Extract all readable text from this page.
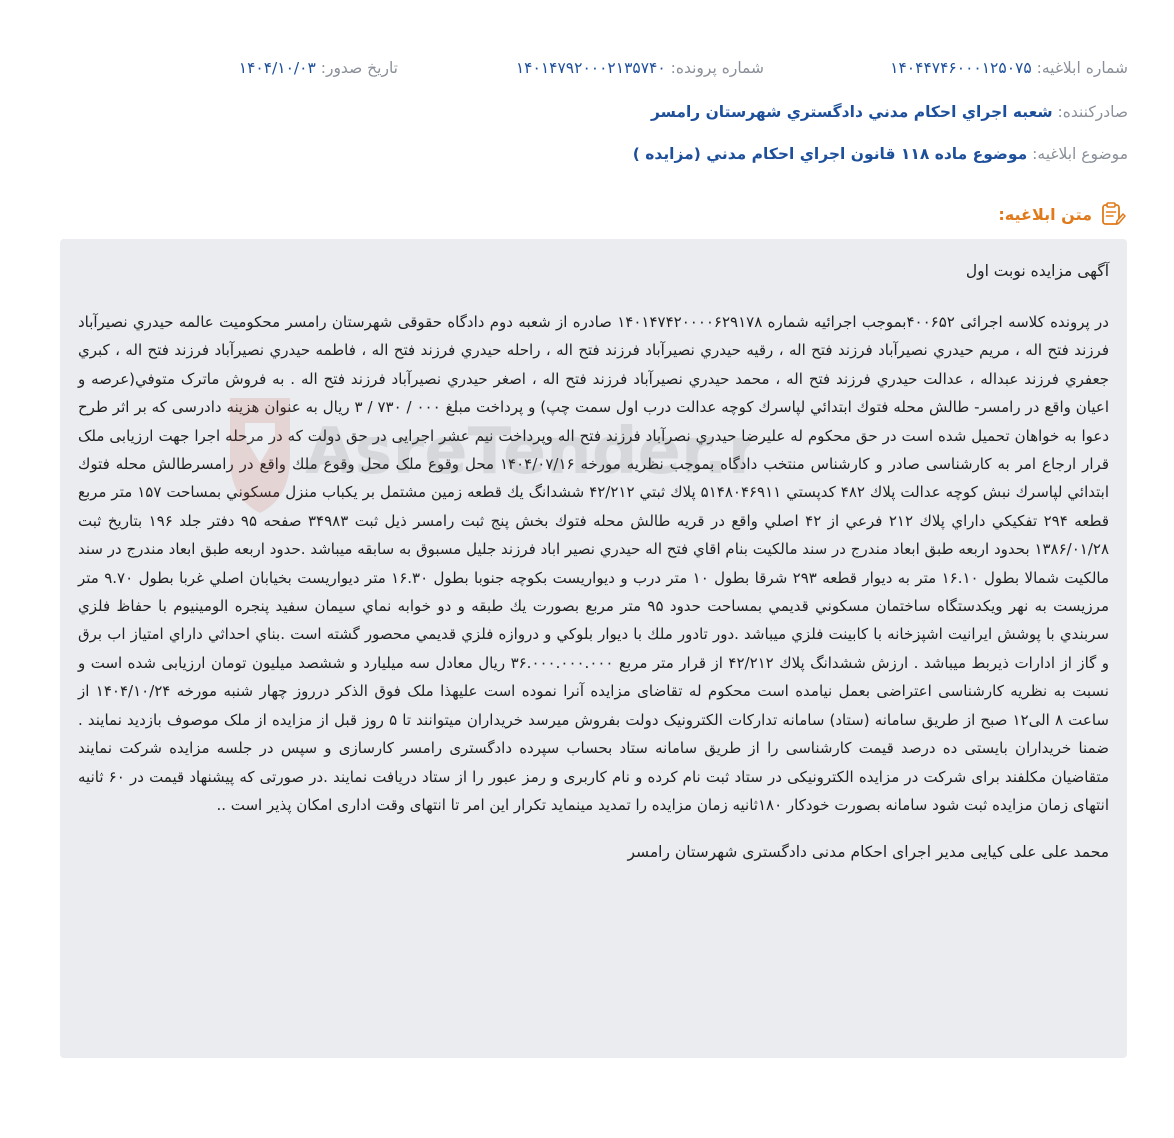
شماره ابلاغیه: ۱۴۰۴۴۷۴۶۰۰۰۱۲۵۰۷۵
شماره پرونده: ۱۴۰۱۴۷۹۲۰۰۰۲۱۳۵۷۴۰
تاریخ صدور: ۱۴۰۴/۱۰/۰۳
صادرکننده: شعبه اجراي احکام مدني دادگستري شهرستان رامسر
موضوع ابلاغیه: موضوع ماده ۱۱۸ قانون اجراي احکام مدني (مزايده )
متن ابلاغیه:

آگهی مزایده نوبت اول

در پرونده کلاسه اجرائی ۴۰۰۶۵۲بموجب اجرائیه شماره ۱۴۰۱۴۷۴۲۰۰۰۰۶۲۹۱۷۸ صادره از شعبه دوم دادگاه حقوقی شهرستان رامسر محکومیت عالمه حيدري نصيرآباد فرزند فتح اله ، مريم حيدري نصيرآباد فرزند فتح اله ، رقيه حيدري نصيرآباد فرزند فتح اله ، راحله حيدري فرزند فتح اله ، فاطمه حيدري نصيرآباد فرزند فتح اله ، کبري جعفري فرزند عبداله ، عدالت حيدري فرزند فتح اله ، محمد حيدري نصيرآباد فرزند فتح اله ، اصغر حيدري نصيرآباد فرزند فتح اله . به فروش ماترک متوفي(عرصه و اعيان واقع در رامسر- طالش محله فتوك ابتدائي لپاسرك كوچه عدالت درب اول سمت چپ) و پرداخت مبلغ ۰۰۰ / ۷۳۰ / ۳ ریال به عنوان هزینه دادرسی که بر اثر طرح دعوا به خواهان تحمیل شده است در حق محکوم له عليرضا حيدري نصرآباد فرزند فتح اله وپرداخت نیم عشر اجرایی در حق دولت که در مرحله اجرا جهت ارزیابی ملک قرار ارجاع امر به کارشناسی صادر و کارشناس منتخب دادگاه بموجب نظریه مورخه ۱۴۰۴/۰۷/۱۶ محل وقوع ملک محل وقوع ملك واقع در رامسرطالش محله فتوك ابتدائي لپاسرك نبش كوچه عدالت پلاك ۴۸۲ كدپستي ۵۱۴۸۰۴۶۹۱۱ پلاك ثبتي ۴۲/۲۱۲ ششدانگ يك قطعه زمين مشتمل بر يكباب منزل مسكوني بمساحت ۱۵۷ متر مربع قطعه ۲۹۴ تفكيكي داراي پلاك ۲۱۲ فرعي از ۴۲ اصلي واقع در قريه طالش محله فتوك بخش پنج ثبت رامسر ذيل ثبت ۳۴۹۸۳ صفحه ۹۵ دفتر جلد ۱۹۶ بتاريخ ثبت ۱۳۸۶/۰۱/۲۸ بحدود اربعه طبق ابعاد مندرج در سند مالكيت بنام اقاي فتح اله حيدري نصير اباد فرزند جليل مسبوق به سابقه ميباشد .حدود اربعه طبق ابعاد مندرج در سند مالكيت شمالا بطول ۱۶.۱۰ متر به ديوار قطعه ۲۹۳ شرقا بطول ۱۰ متر درب و ديواريست بكوچه جنوبا بطول ۱۶.۳۰ متر ديواريست بخيابان اصلي غربا بطول ۹.۷۰ متر مرزيست به نهر ويكدستگاه ساختمان مسكوني قديمي بمساحت حدود ۹۵ متر مربع بصورت يك طبقه و دو خوابه نماي سيمان سفيد پنجره الومينيوم با حفاظ فلزي سربندي با پوشش ايرانيت اشپزخانه با كابينت فلزي ميباشد .دور تادور ملك با ديوار بلوكي و دروازه فلزي قديمي محصور گشته است .بناي احداثي داراي امتياز اب برق و گاز از ادارات ذيربط ميباشد . ارزش ششدانگ پلاك ۴۲/۲۱۲ از قرار متر مربع ۳۶.۰۰۰.۰۰۰.۰۰۰ ریال معادل سه میلیارد و ششصد میلیون تومان ارزیابی شده است و نسبت به نظریه کارشناسی اعتراضی بعمل نیامده است محکوم له تقاضای مزایده آنرا نموده است علیهذا ملک فوق الذکر درروز چهار شنبه مورخه ۱۴۰۴/۱۰/۲۴ از ساعت ۸ الی۱۲ صبح از طریق سامانه (ستاد) سامانه تدارکات الکترونیک دولت بفروش میرسد خریداران میتوانند تا ۵ روز قبل از مزایده از ملک موصوف بازدید نمایند . ضمنا خریداران بایستی ده درصد قیمت کارشناسی را از طریق سامانه ستاد بحساب سپرده دادگستری رامسر کارسازی و سپس در جلسه مزایده شرکت نمایند متقاضیان مکلفند برای شرکت در مزایده الکترونیکی در ستاد ثبت نام کرده و نام کاربری و رمز عبور را از ستاد دریافت نمایند .در صورتی که پیشنهاد قیمت در ۶۰ ثانیه انتهای زمان مزایده ثبت شود سامانه بصورت خودکار ۱۸۰ثانیه زمان مزایده را تمدید مینماید تکرار این امر تا انتهای وقت اداری امکان پذیر است ..

محمد علی علی کیایی مدیر اجرای احکام مدنی دادگستری شهرستان رامسر
